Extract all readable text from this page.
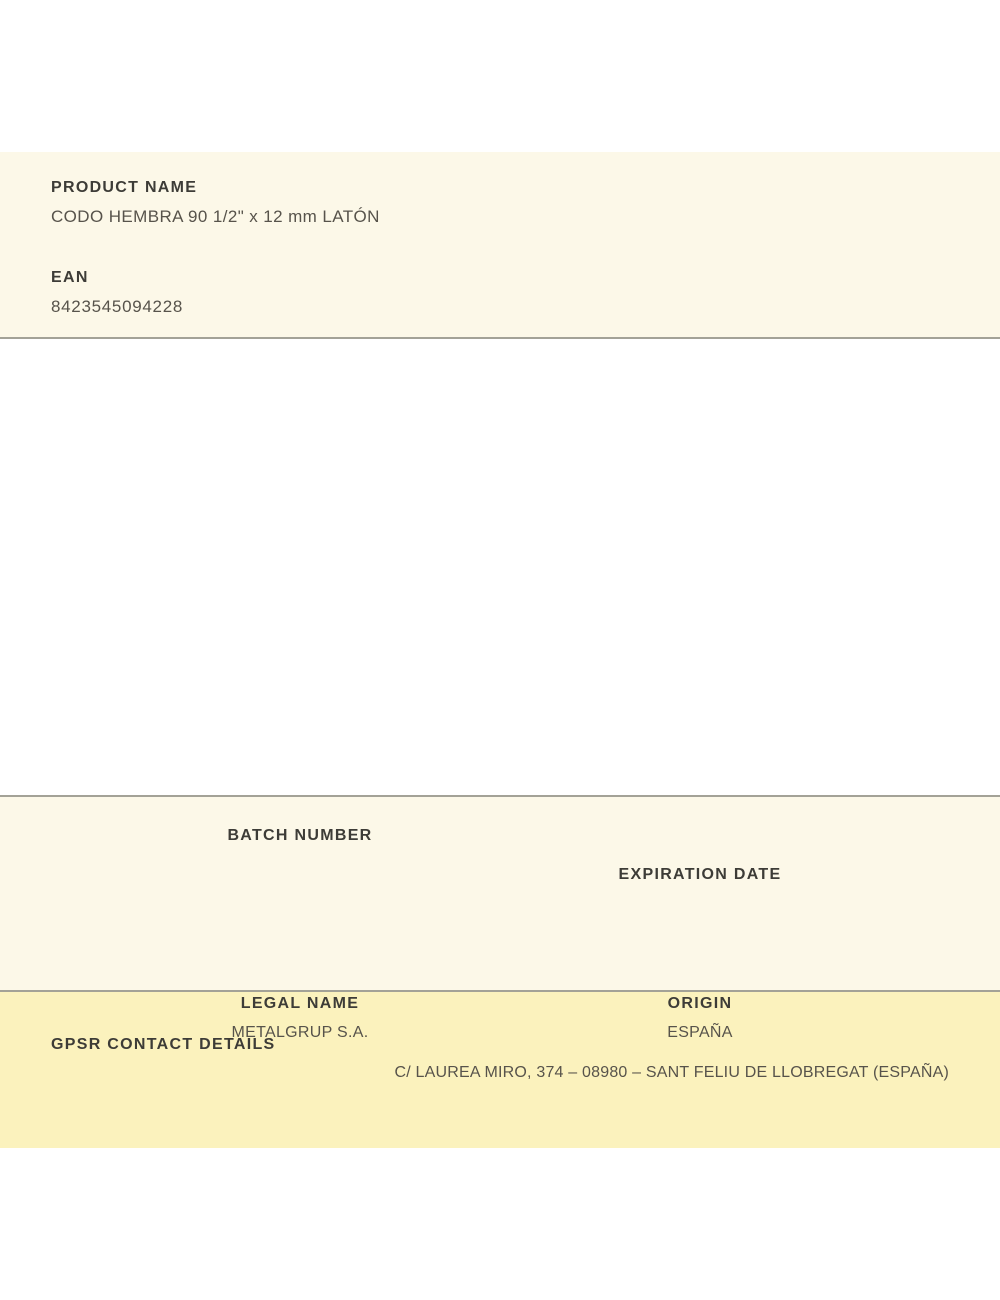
PRODUCT NAME
CODO HEMBRA 90 1/2" x 12 mm LATÓN
EAN
8423545094228
BATCH NUMBER
EXPIRATION DATE
LEGAL NAME
METALGRUP S.A.
ORIGIN
ESPAÑA
GPSR CONTACT DETAILS
C/ LAUREA MIRO, 374 – 08980 – SANT FELIU DE LLOBREGAT (ESPAÑA)
